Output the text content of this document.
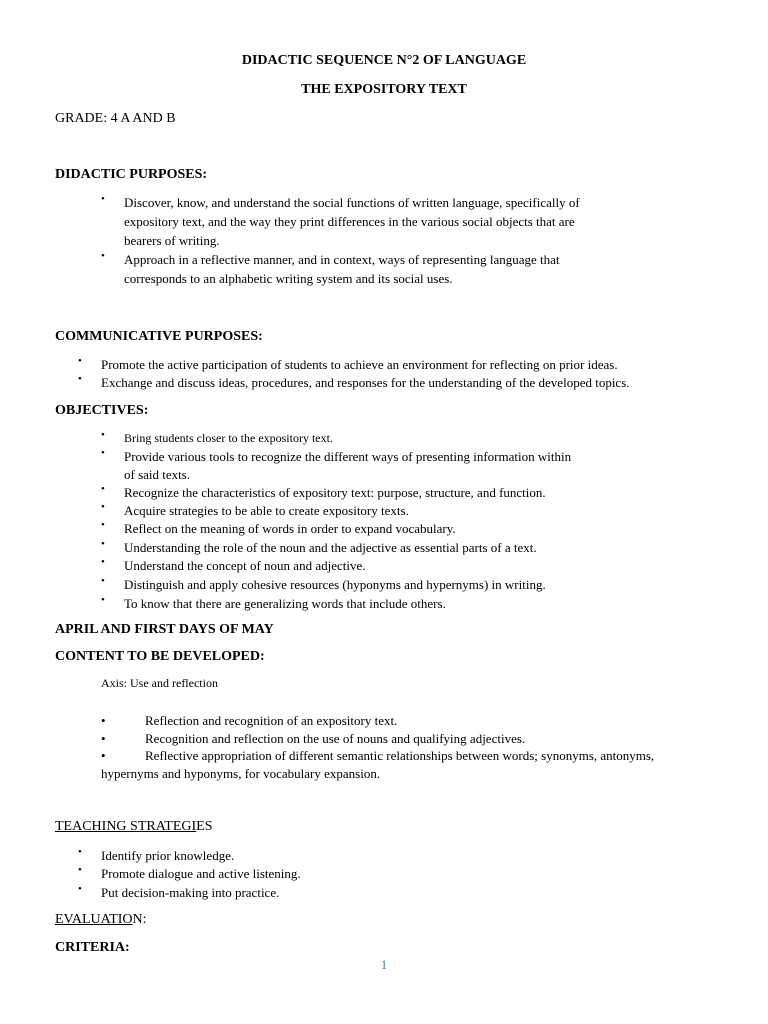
DIDACTIC SEQUENCE N°2 OF LANGUAGE
THE EXPOSITORY TEXT
GRADE: 4 A AND B
DIDACTIC PURPOSES:
• Discover, know, and understand the social functions of written language, specifically of
expository text, and the way they print differences in the various social objects that are
bearers of writing.
• Approach in a reflective manner, and in context, ways of representing language that
corresponds to an alphabetic writing system and its social uses.
COMMUNICATIVE PURPOSES:
• Promote the active participation of students to achieve an environment for reflecting on prior ideas.
• Exchange and discuss ideas, procedures, and responses for the understanding of the developed topics.
OBJECTIVES:
• Bring students closer to the expository text.
• Provide various tools to recognize the different ways of presenting information within
of said texts.
• Recognize the characteristics of expository text: purpose, structure, and function.
• Acquire strategies to be able to create expository texts.
• Reflect on the meaning of words in order to expand vocabulary.
• Understanding the role of the noun and the adjective as essential parts of a text.
• Understand the concept of noun and adjective.
• Distinguish and apply cohesive resources (hyponyms and hypernyms) in writing.
• To know that there are generalizing words that include others.
APRIL AND FIRST DAYS OF MAY
CONTENT TO BE DEVELOPED:
Axis: Use and reflection
•	Reflection and recognition of an expository text.
•	Recognition and reflection on the use of nouns and qualifying adjectives.
•	Reflective appropriation of different semantic relationships between words; synonyms, antonyms,
hypernyms and hyponyms, for vocabulary expansion.
TEACHING STRATEGIES
• Identify prior knowledge.
• Promote dialogue and active listening.
• Put decision-making into practice.
EVALUATION:
CRITERIA:
1
